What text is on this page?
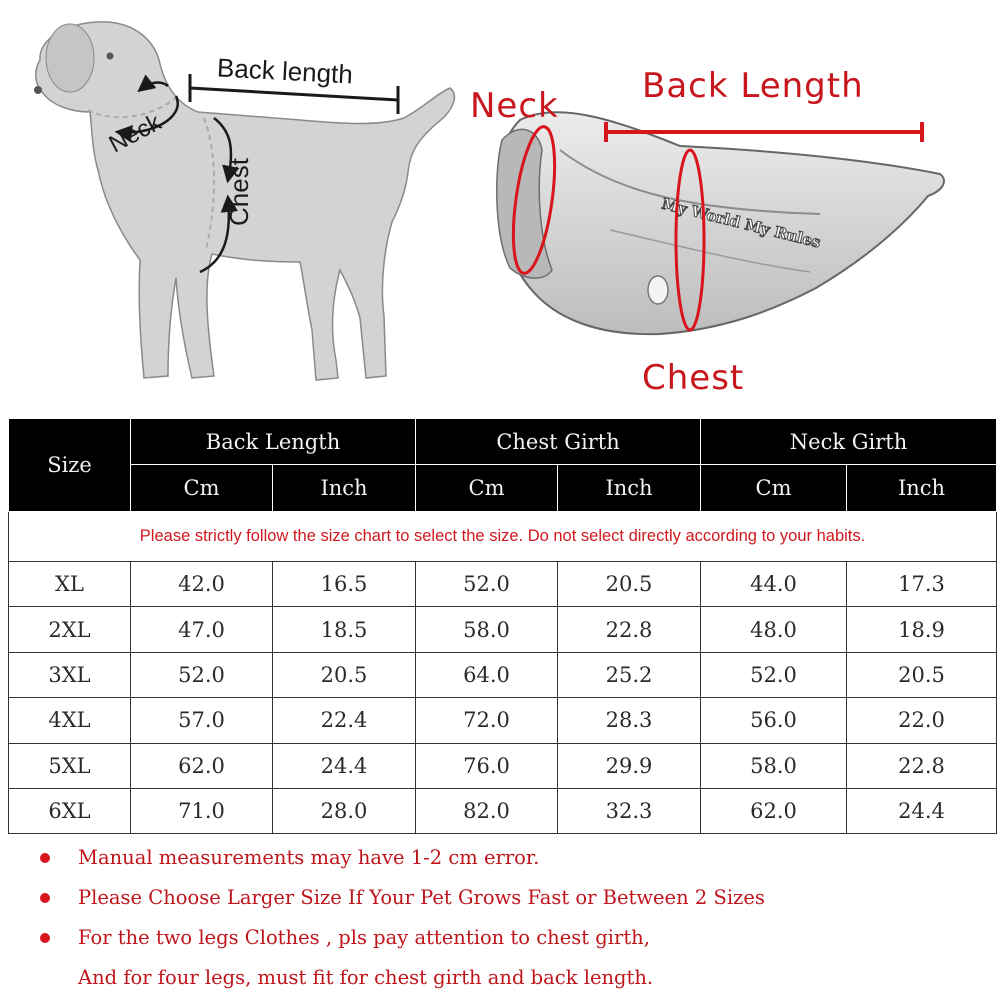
My World My Rules
Back length
Neck
Chest
Neck Back Length
Chest
Please strictly follow the size chart to select the size. Do not select directly according to your habits.						
Size	Back Length		Chest Girth		Neck Girth	
	Cm	Inch	Cm	Inch	Cm	Inch
XL	42.0	16.5	52.0	20.5	44.0	17.3
2XL	47.0	18.5	58.0	22.8	48.0	18.9
3XL	52.0	20.5	64.0	25.2	52.0	20.5
4XL	57.0	22.4	72.0	28.3	56.0	22.0
5XL	62.0	24.4	76.0	29.9	58.0	22.8
6XL	71.0	28.0	82.0	32.3	62.0	24.4
Manual measurements may have 1-2 cm error.
Please Choose Larger Size If Your Pet Grows Fast or Between 2 Sizes
For the two legs Clothes , pls pay attention to chest girth,
And for four legs, must fit for chest girth and back length.
